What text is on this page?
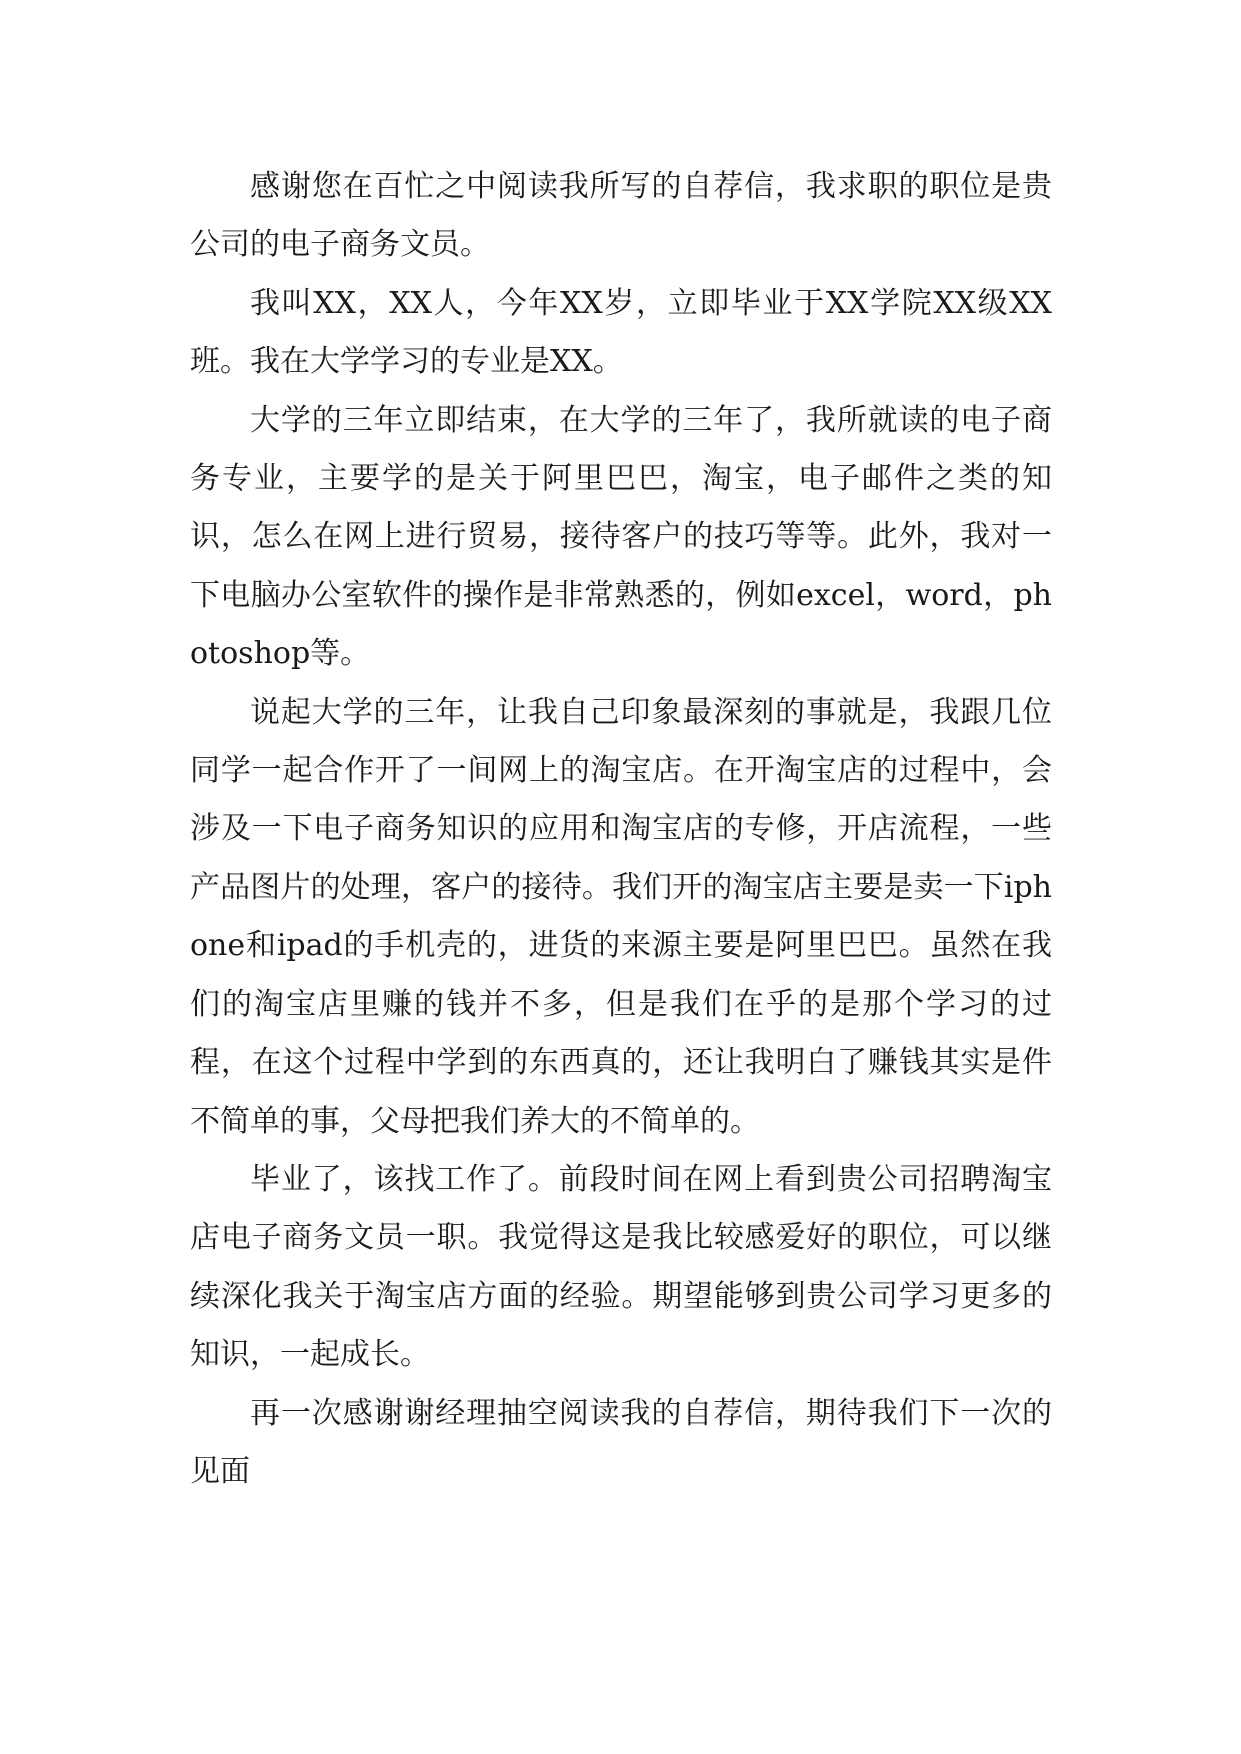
感谢您在百忙之中阅读我所写的自荐信，我求职的职位是贵公司的电子商务文员。

我叫XX，XX人，今年XX岁，立即毕业于XX学院XX级XX班。我在大学学习的专业是XX。

大学的三年立即结束，在大学的三年了，我所就读的电子商务专业，主要学的是关于阿里巴巴，淘宝，电子邮件之类的知识，怎么在网上进行贸易，接待客户的技巧等等。此外，我对一下电脑办公室软件的操作是非常熟悉的，例如excel，word，photoshop等。

说起大学的三年，让我自己印象最深刻的事就是，我跟几位同学一起合作开了一间网上的淘宝店。在开淘宝店的过程中，会涉及一下电子商务知识的应用和淘宝店的专修，开店流程，一些产品图片的处理，客户的接待。我们开的淘宝店主要是卖一下iphone和ipad的手机壳的，进货的来源主要是阿里巴巴。虽然在我们的淘宝店里赚的钱并不多，但是我们在乎的是那个学习的过程，在这个过程中学到的东西真的，还让我明白了赚钱其实是件不简单的事，父母把我们养大的不简单的。

毕业了，该找工作了。前段时间在网上看到贵公司招聘淘宝店电子商务文员一职。我觉得这是我比较感爱好的职位，可以继续深化我关于淘宝店方面的经验。期望能够到贵公司学习更多的知识，一起成长。

再一次感谢谢经理抽空阅读我的自荐信，期待我们下一次的见面
